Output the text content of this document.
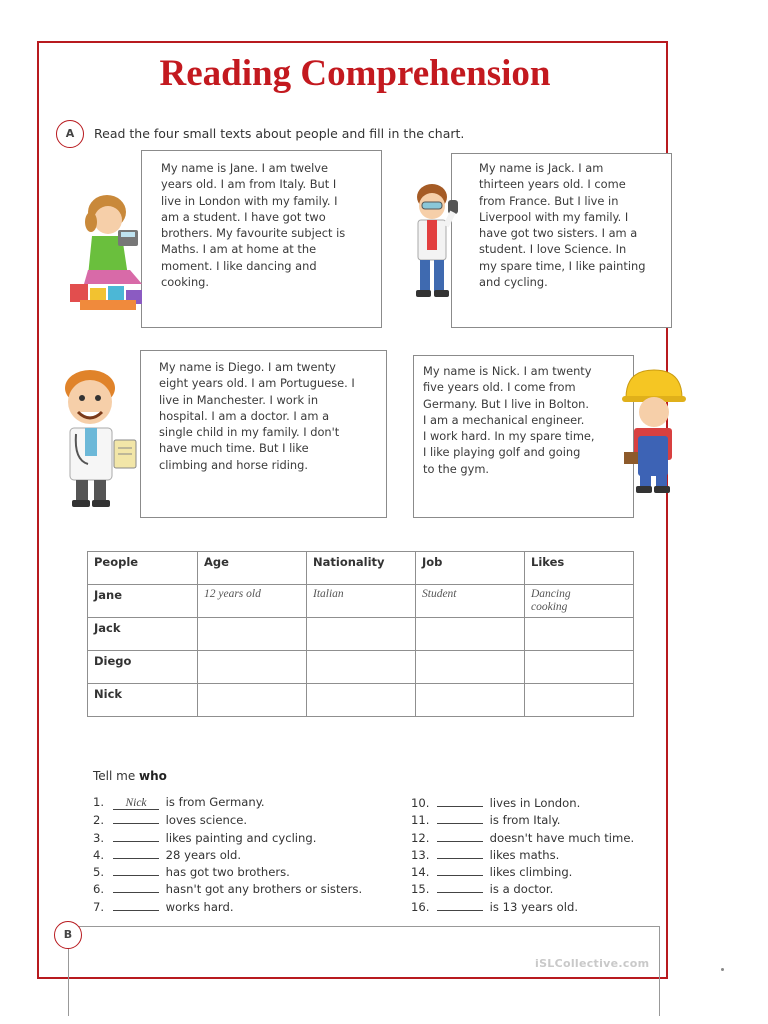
Reading Comprehension
A	Read the four small texts about people and fill in the chart.

My name is Jane. I am twelve

years old. I am from Italy. But I

live in London with my family. I

am a student. I have got two

brothers. My favourite subject is

Maths. I am at home at the

moment. I like dancing and

cooking.

My name is Jack. I am

thirteen years old. I come

from France. But I live in

Liverpool with my family. I

have got two sisters. I am a

student. I love Science. In

my spare time, I like painting

and cycling.

My name is Diego. I am twenty

eight years old. I am Portuguese. I

live in Manchester. I work in

hospital. I am a doctor. I am a

single child in my family. I don't

have much time. But I like

climbing and horse riding.

My name is Nick. I am twenty

five years old. I come from

Germany. But I live in Bolton.

I am a mechanical engineer.

I work hard. In my spare time,

I like playing golf and going

to the gym.

People	Age	Nationality	Job	Likes
Jane	12 years old	Italian	Student	Dancing cooking
Jack				
Diego				
Nick				

Tell me who

1. Nick is from Germany.
2.	loves science.
3.	likes painting and cycling.
4.	28 years old.
5.	has got two brothers.
6.	hasn't got any brothers or sisters.
7.	works hard.
10.	lives in London.
11.	is from Italy.
12.	doesn't have much time.
13.	likes maths.
14.	likes climbing.
15.	is a doctor.
16.	is 13 years old.
B
iSLCollective.com
